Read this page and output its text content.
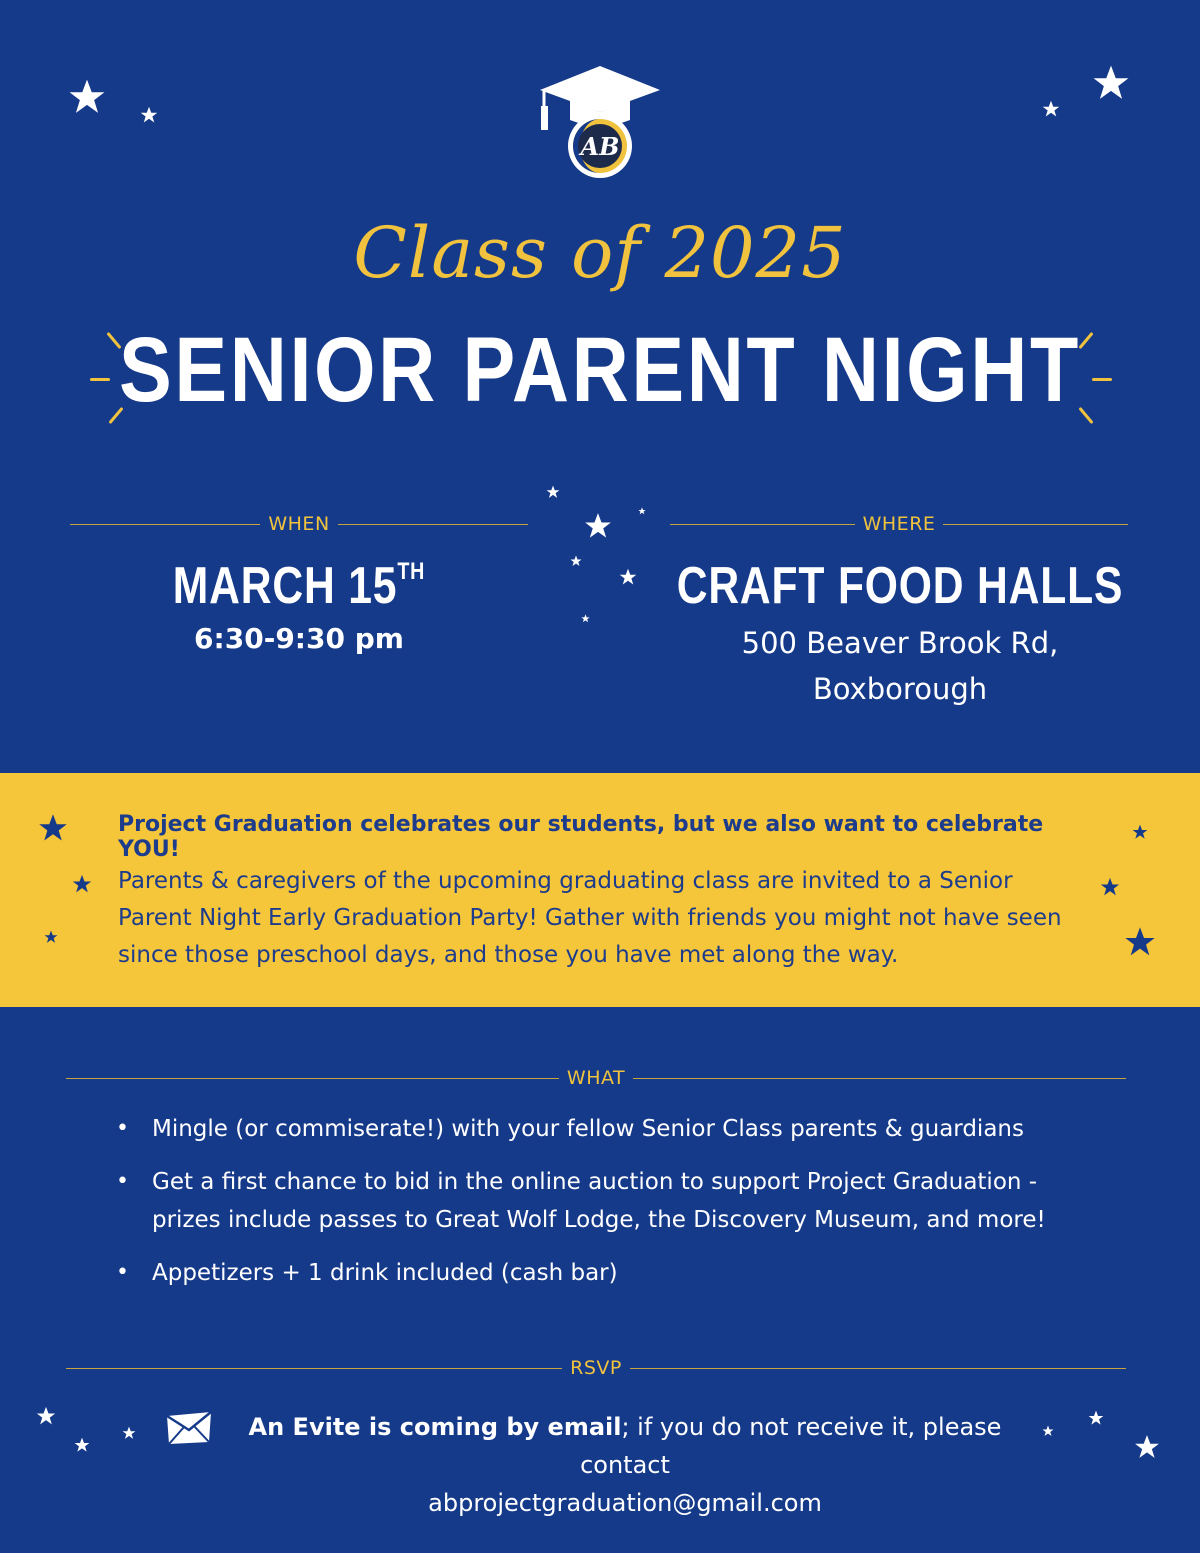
AB
Class of 2025
SENIOR PARENT NIGHT
WHEN
MARCH 15TH
6:30-9:30 pm
WHERE
CRAFT FOOD HALLS
500 Beaver Brook Rd,
Boxborough
Project Graduation celebrates our students, but we also want to celebrate YOU!
Parents & caregivers of the upcoming graduating class are invited to a Senior Parent Night Early Graduation Party! Gather with friends you might not have seen since those preschool days, and those you have met along the way.
WHAT
• Mingle (or commiserate!) with your fellow Senior Class parents & guardians
• Get a first chance to bid in the online auction to support Project Graduation - prizes include passes to Great Wolf Lodge, the Discovery Museum, and more!
• Appetizers + 1 drink included (cash bar)
RSVP
An Evite is coming by email; if you do not receive it, please contact
abprojectgraduation@gmail.com
